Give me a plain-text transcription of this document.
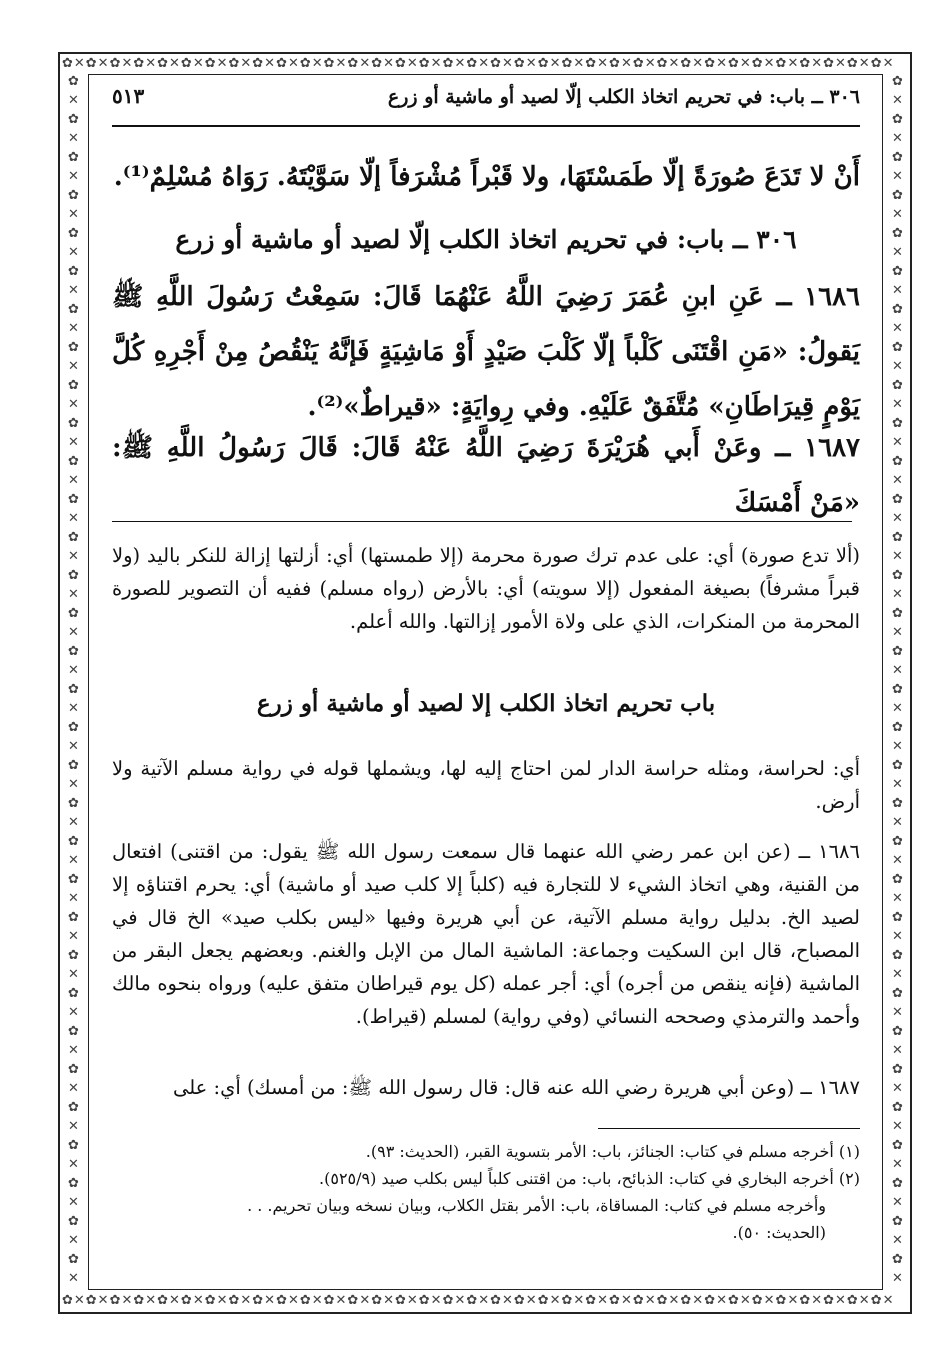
✿✕✿✕✿✕✿✕✿✕✿✕✿✕✿✕✿✕✿✕✿✕✿✕✿✕✿✕✿✕✿✕✿✕✿✕✿✕✿✕✿✕✿✕✿✕✿✕✿✕✿✕✿✕✿✕✿✕✿✕✿✕✿✕✿✕✿✕✿✕
✿✕✿✕✿✕✿✕✿✕✿✕✿✕✿✕✿✕✿✕✿✕✿✕✿✕✿✕✿✕✿✕✿✕✿✕✿✕✿✕✿✕✿✕✿✕✿✕✿✕✿✕✿✕✿✕✿✕✿✕✿✕✿✕✿✕✿✕✿✕
✿✕✿✕✿✕✿✕✿✕✿✕✿✕✿✕✿✕✿✕✿✕✿✕✿✕✿✕✿✕✿✕✿✕✿✕✿✕✿✕✿✕✿✕✿✕✿✕✿✕✿✕✿✕✿✕✿✕✿✕✿✕✿✕
✿✕✿✕✿✕✿✕✿✕✿✕✿✕✿✕✿✕✿✕✿✕✿✕✿✕✿✕✿✕✿✕✿✕✿✕✿✕✿✕✿✕✿✕✿✕✿✕✿✕✿✕✿✕✿✕✿✕✿✕✿✕✿✕
٣٠٦ ــ باب: في تحريم اتخاذ الكلب إلّا لصيد أو ماشية أو زرع
٥١٣
أَنْ لا تَدَعَ صُورَةً إلّا طَمَسْتَهَا، ولا قَبْراً مُشْرَفاً إلّا سَوَّيْتَهُ. رَوَاهُ مُسْلِمٌ⁽¹⁾.
٣٠٦ ــ باب: في تحريم اتخاذ الكلب إلّا لصيد أو ماشية أو زرع
١٦٨٦ ــ عَنِ ابنِ عُمَرَ رَضِيَ اللَّهُ عَنْهُمَا قَالَ: سَمِعْتُ رَسُولَ اللَّهِ ﷺ يَقولُ: «مَنِ اقْتَنَى كَلْباً إلّا كَلْبَ صَيْدٍ أَوْ مَاشِيَةٍ فَإنَّهُ يَنْقُصُ مِنْ أَجْرِهِ كُلَّ يَوْمٍ قِيرَاطَانِ» مُتَّفَقٌ عَلَيْهِ. وفي رِوايَةٍ: «قيراطٌ»⁽²⁾.
١٦٨٧ ــ وعَنْ أَبي هُرَيْرَةَ رَضِيَ اللَّهُ عَنْهُ قَالَ: قَالَ رَسُولُ اللَّهِ ﷺ: «مَنْ أَمْسَكَ
(ألا تدع صورة) أي: على عدم ترك صورة محرمة (إلا طمستها) أي: أزلتها إزالة للنكر باليد (ولا قبراً مشرفاً) بصيغة المفعول (إلا سويته) أي: بالأرض (رواه مسلم) ففيه أن التصوير للصورة المحرمة من المنكرات، الذي على ولاة الأمور إزالتها. والله أعلم.
باب تحريم اتخاذ الكلب إلا لصيد أو ماشية أو زرع
أي: لحراسة، ومثله حراسة الدار لمن احتاج إليه لها، ويشملها قوله في رواية مسلم الآتية ولا أرض.
١٦٨٦ ــ (عن ابن عمر رضي الله عنهما قال سمعت رسول الله ﷺ يقول: من اقتنى) افتعال من القنية، وهي اتخاذ الشيء لا للتجارة فيه (كلباً إلا كلب صيد أو ماشية) أي: يحرم اقتناؤه إلا لصيد الخ. بدليل رواية مسلم الآتية، عن أبي هريرة وفيها «ليس بكلب صيد» الخ قال في المصباح، قال ابن السكيت وجماعة: الماشية المال من الإبل والغنم. وبعضهم يجعل البقر من الماشية (فإنه ينقص من أجره) أي: أجر عمله (كل يوم قيراطان متفق عليه) ورواه بنحوه مالك وأحمد والترمذي وصححه النسائي (وفي رواية) لمسلم (قيراط).
١٦٨٧ ــ (وعن أبي هريرة رضي الله عنه قال: قال رسول الله ﷺ: من أمسك) أي: على
(١) أخرجه مسلم في كتاب: الجنائز، باب: الأمر بتسوية القبر، (الحديث: ٩٣).
(٢) أخرجه البخاري في كتاب: الذبائح، باب: من اقتنى كلباً ليس بكلب صيد (٥٢٥/٩).
وأخرجه مسلم في كتاب: المساقاة، باب: الأمر بقتل الكلاب، وبيان نسخه وبيان تحريم. . .
(الحديث: ٥٠).
